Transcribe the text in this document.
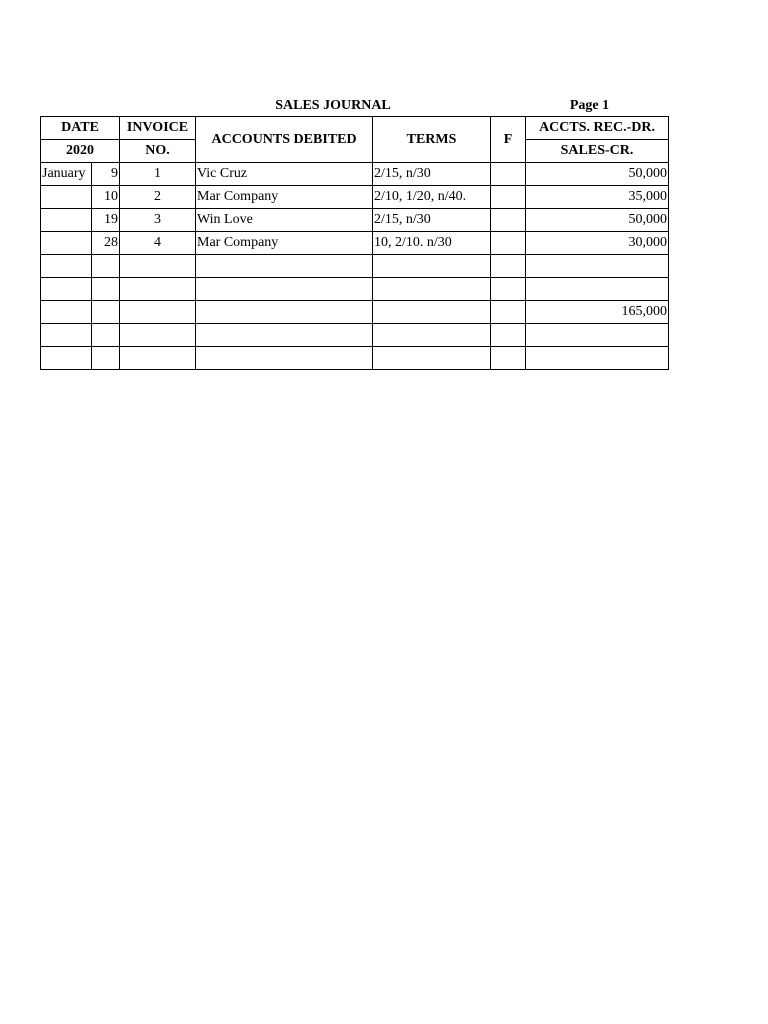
SALES JOURNAL	Page 1
DATE		INVOICE	ACCOUNTS DEBITED	TERMS	F	ACCTS. REC.-DR.
2020		NO.				SALES-CR.
January	9	1	Vic Cruz	2/15, n/30		50,000
	10	2	Mar Company	2/10, 1/20, n/40.		35,000
	19	3	Win Love	2/15, n/30		50,000
	28	4	Mar Company	10, 2/10. n/30		30,000

						165,000
